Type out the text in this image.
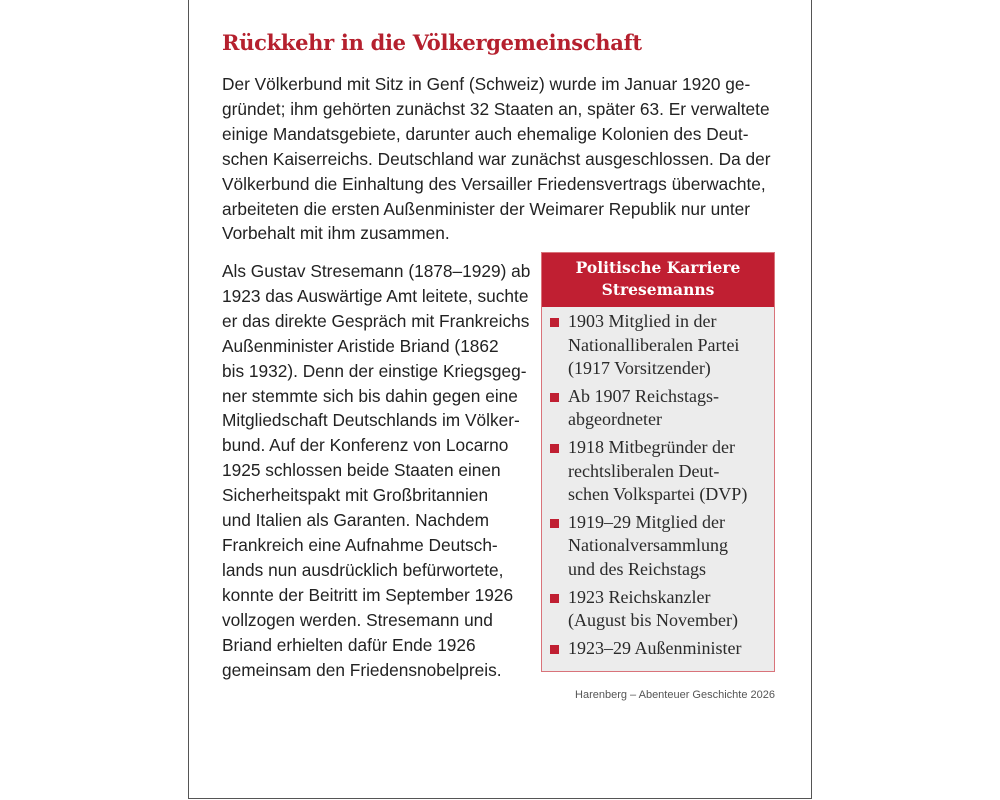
Rückkehr in die Völkergemeinschaft
Der Völkerbund mit Sitz in Genf (Schweiz) wurde im Januar 1920 ge-
gründet; ihm gehörten zunächst 32 Staaten an, später 63. Er verwaltete
einige Mandatsgebiete, darunter auch ehemalige Kolonien des Deut-
schen Kaiserreichs. Deutschland war zunächst ausgeschlossen. Da der
Völkerbund die Einhaltung des Versailler Friedensvertrags überwachte,
arbeiteten die ersten Außenminister der Weimarer Republik nur unter
Vorbehalt mit ihm zusammen.
Als Gustav Stresemann (1878–1929) ab
1923 das Auswärtige Amt leitete, suchte
er das direkte Gespräch mit Frankreichs
Außenminister Aristide Briand (1862
bis 1932). Denn der einstige Kriegsgeg-
ner stemmte sich bis dahin gegen eine
Mitgliedschaft Deutschlands im Völker-
bund. Auf der Konferenz von Locarno
1925 schlossen beide Staaten einen
Sicherheitspakt mit Großbritannien
und Italien als Garanten. Nachdem
Frankreich eine Aufnahme Deutsch-
lands nun ausdrücklich befürwortete,
konnte der Beitritt im September 1926
vollzogen werden. Stresemann und
Briand erhielten dafür Ende 1926
gemeinsam den Friedensnobelpreis.
Politische Karriere
Stresemanns
1903 Mitglied in der
Nationalliberalen Partei
(1917 Vorsitzender)
Ab 1907 Reichstags-
abgeordneter
1918 Mitbegründer der
rechtsliberalen Deut-
schen Volkspartei (DVP)
1919–29 Mitglied der
Nationalversammlung
und des Reichstags
1923 Reichskanzler
(August bis November)
1923–29 Außenminister
Harenberg – Abenteuer Geschichte 2026
